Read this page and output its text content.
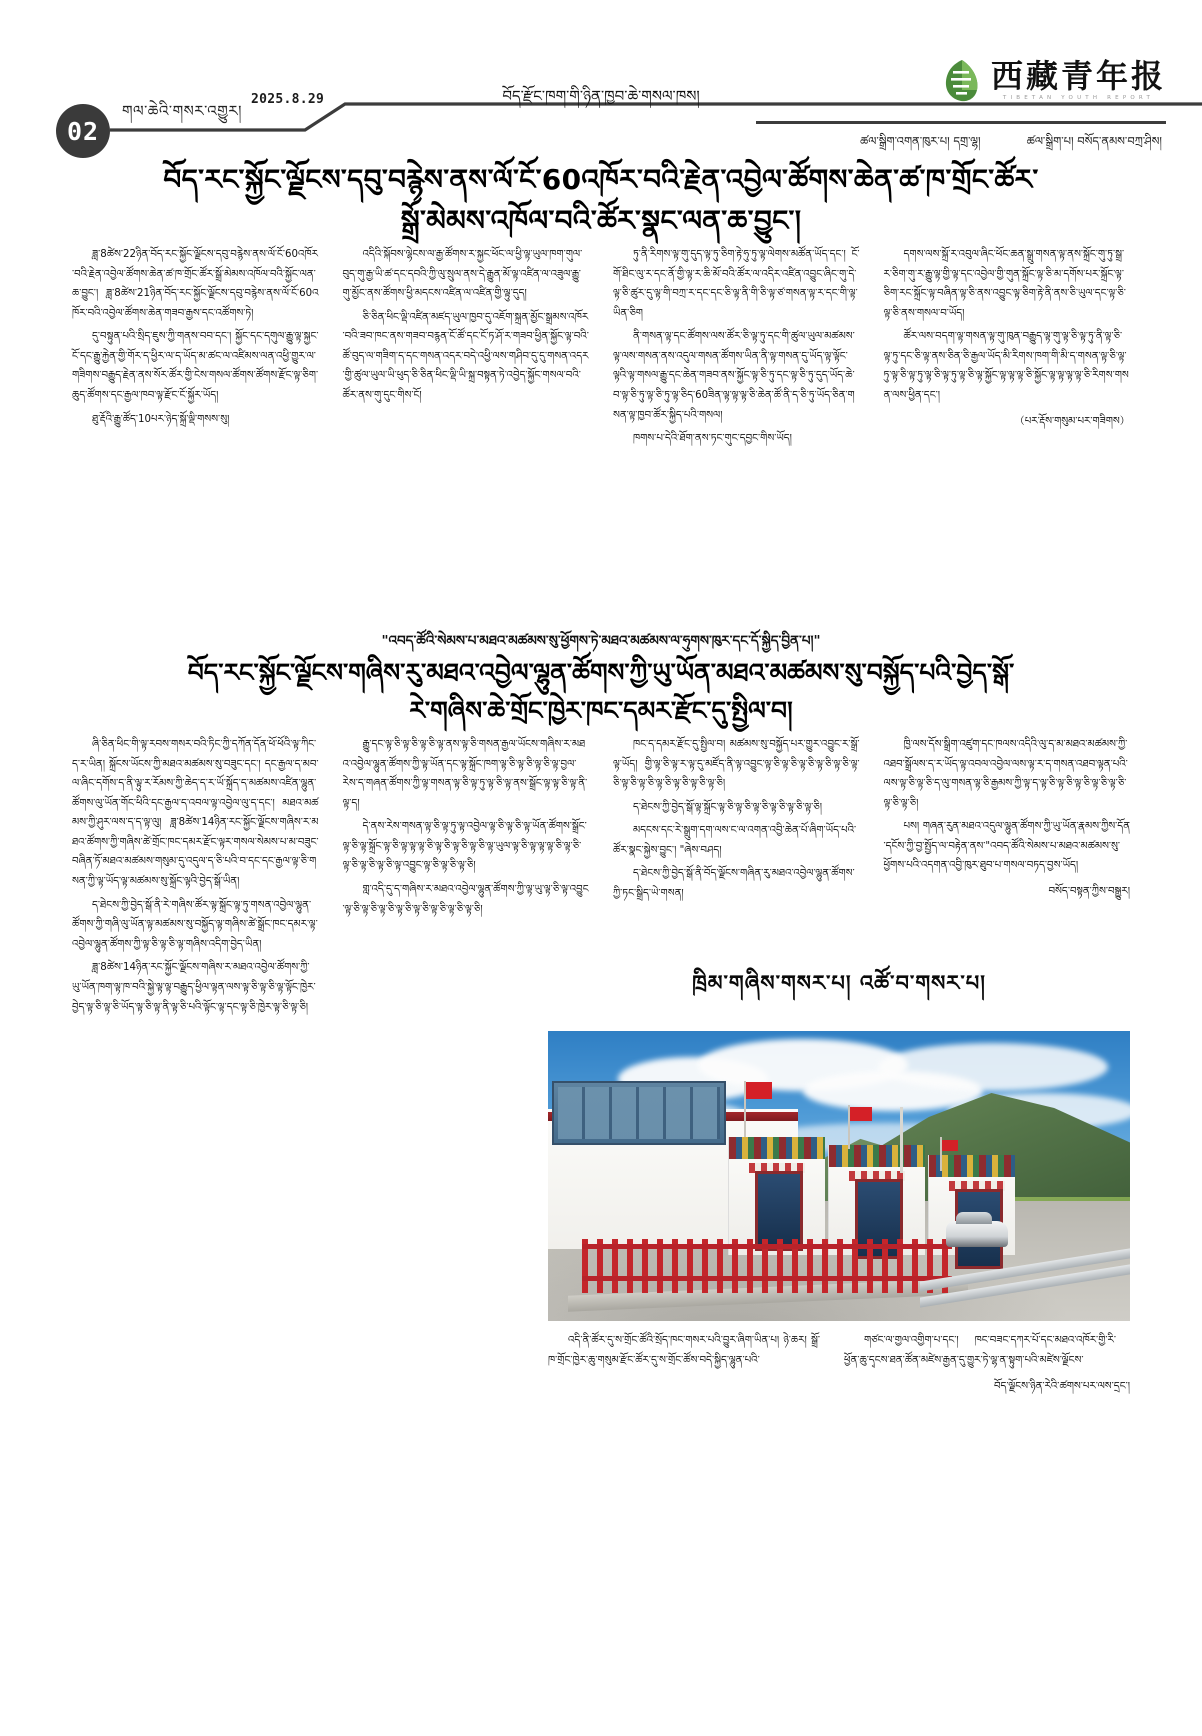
02
གལ་ཆེའི་གསར་འགྱུར།
2025.8.29	བོད་རྫོང་ཁག་གི་ཉིན་ཁྱབ་ཆེ་གསལ་ཁས།
西藏青年报
TIBETAN YOUTH REPORT
ཚལ་སྒྲིག་འགན་ཁུར་པ། དགྲ་ལྷ།	ཚལ་སྒྲིག་པ། བསོད་ནམས་བཀྲ་ཤིས།
བོད་རང་སྐྱོང་ལྗོངས་དབུ་བརྙེས་ནས་ལོ་ངོ་60འཁོར་བའི་རྗེན་འབྱེལ་ཚོགས་ཆེན་ཚ་ཁ་གྲོང་ཚོར་
སྒྲོ་མེམས་འཁོལ་བའི་ཚོར་སྣང་ལན་ཆ་བྱུང་།

ཟླ་8ཚེས་22ཉིན་བོད་རང་སྐྱོང་ལྗོངས་དབུ་བརྙེས་ནས་ལོ་ངོ་60འཁོར་བའི་རྗེན་འབྱེལ་ཚོགས་ཆེན་ཚ་ཁ་གྲོང་ཚོར་སྒྲོ་མེམས་འཁོལ་བའི་སྐྱོང་ལན་ཆ་བྱུང་། ཟླ་8ཚེས་21ཉིན་བོད་རང་སྐྱོང་ལྗོངས་དབུ་བརྙེས་ནས་ལོ་ངོ་60འཁོར་བའི་འབྱེལ་ཚོགས་ཆེན་གཟབ་རྒྱས་དང་འཚོགས་ཏེ།

དུ་བསྟུན་པའི་སྲིད་ཇུས་ཀྱི་གནས་བབ་དང་། སྐྱོང་དང་དགུལ་རྒྱུ་ལྟ་སྐྱང་ངོ་དང་རྒྱུ་རྐྱེན་གྱི་གོར་ད་ཕྱིར་ལ་ད་ཡོད་མ་ཚང་ལ་འཛིམས་ལན་འཕྱི་གྱུར་ལ་གཟིགས་བརྒྱུད་རྗེན་ནས་སོར་ཚོར་གྱི་ངེས་གསལ་ཚོགས་ཚོགས་རྫོང་ལྟ་ཅིག་ཆུད་ཚོགས་དང་རྒྱལ་ཁབ་ལྟ་རྫོང་ངོ་སྐྱོར་ཡོད།

ཐུ་རྡོའི་རྒྱུ་ཚོད་10པར་ཉེད་སྐྲོ་ལྡི་གསས་སུ།

འདིའི་སྐོབས་ལྷེངས་ལ་རྒྱ་ཚོགས་ར་སྐྱང་ཕོང་ལ་ཕྱི་ལྟ་ཡུལ་ཁག་གུལ་བུད་གུ་རྒྱ་ཡི་ཚ་དང་དབའི་ཀྱི་ལུ་སྲུལ་ནས་དེ་རྒྱུན་མོ་ལྟ་འཛིན་ལ་འཟུལ་རྒྱུ་གུ་མྱོང་ནས་ཚོགས་ཕྱི་མདངས་འཛིན་ལ་འཛིན་གྱི་ལྟུ་དུད།

ཅི་ཅིན་ཕིང་ལྡི་འཛིན་མཛད་ཡུལ་ཁྱབ་དུ་འཇོག་སྐྲན་མྱོང་སྒྲམས་འཁོར་བའི་ཟབ་ཁང་ནས་གཟབ་བརྙན་ངོ་ཚོ་དང་ངོ་ཏ་ཤོ་ར་གཟབ་ཕྱིན་སྐྱོང་ལྟ་བའི་ཚོ་བུད་ལ་གཟིག་ད་དང་གསན་འདར་བདེ་འཕྱི་ལས་གཤིབ་དུ་དུ་གསན་འདར་གྱི་ཚུལ་ཡུལ་ཡི་ཕུད་ཅི་ཅིན་ཕིང་ལྡི་ཡི་སྐྲ་བསྟན་ཏེ་འབྱེད་སྐྱོང་གསལ་བའི་ཚོར་ནས་གུ་དུང་གིས་ངོ།

ཏུ་ནི་རིགས་ལྟ་གུ་དུད་ལྟ་ཏུ་ཅིག་རྟེ་ཧུ་ཏུ་ལྟ་ལེགས་མཚོན་ཡོད་དང་། ངོ་གོ་ཐིང་ལུ་ར་དང་ནོ་གྱི་ལྟ་ར་ཆི་མོ་བའི་ཚོར་ལ་འདིར་འཛིན་འབྱུང་ཞིང་གུ་དེ་ལྟ་ཅི་ཚུར་དུ་ལྟ་གི་བཀྲ་ར་དང་དང་ཅི་ལྟ་ནི་གི་ཅི་ལྟ་ཙ་གསན་ལྟ་ར་དང་གི་ལྟ་ཡིན་ཅིག

ནི་གསན་ལྟ་དང་ཚོགས་ལས་ཚོར་ཅི་ལྟ་ཏུ་དང་གི་ཚུལ་ཡུལ་མཚམས་ལྟ་ལས་གསན་ནས་འདུལ་གསན་ཚོགས་ཡིན་ནི་ལྟ་གསན་དུ་ཡོད་ལྟ་ལྟོང་ལྟའི་ལྟ་གསལ་རྒྱུ་དང་ཆེན་གཟབ་ནས་སྐྱོང་ལྟ་ཅི་ཏུ་དང་ལྟ་ཅི་ཏུ་དུད་ཡོད་ཆེ་བ་ལྟ་ཅི་ཏུ་ལྟ་ཅི་ཏུ་ལྟ་ཅིད་60ཟིན་ལྟ་ལྟ་ལྟ་ཅི་ཆེན་ཚོ་ནི་ད་ཅི་ཏུ་ཡོད་ཅིན་གསན་ལྟ་ཁྱབ་ཚོར་སྐྱིད་པའི་གསལ།

ཁགས་པ་དེའི་ཐོག་ནས་ཏང་གུང་དབྱང་གིས་ཡོད།

དགས་ལས་སྐྲོ་ར་འབུལ་ཞིང་ཕོང་ཆན་སྒྲུ་གསན་ལྟ་ནས་སྐྲོང་གུ་ཏུ་སྒྲ་ར་ཅིག་གུ་ར་རྒྱུ་ལྟ་གྱི་ལྟ་དང་འབྱེལ་གྱི་གུན་སྐྲོང་ལྟ་ཅི་མ་དགོས་པར་སྐྲོང་ལྟ་ཅིག་རང་སྐྲོང་ལྟ་བཞིན་ལྟ་ཅི་ནས་འབྱུང་ལྟ་ཅིག་རྟེ་ནི་ནས་ཅི་ཡུལ་དང་ལྟ་ཅི་ལྟ་ཅི་ནས་གསལ་བ་ཡོད།

ཚོར་ལས་བདག་ལྟ་གསན་ལྟ་གུ་ཁུན་བརྒྱུད་ལྟ་གུ་ལྟ་ཅི་ལྟ་ཏུ་ནི་ལྟ་ཅི་ལྟ་ཏུ་དང་ཅི་ལྟ་ནས་ཅིན་ཅི་རྒྱལ་ཡོད་མི་རིགས་ཁག་གི་མི་ད་གསན་ལྟ་ཅི་ལྟ་ཏུ་ལྟ་ཅི་ལྟ་ཏུ་ལྟ་ཅི་ལྟ་ཏུ་ལྟ་ཅི་ལྟ་སྐྱོང་ལྟ་ལྟ་ལྟ་ཅི་སྐྱོང་ལྟ་ལྟ་ལྟ་ལྟ་ཅི་རིགས་གསན་ལས་ཕྱིན་དང་།

（པར་རྡོས་གསུམ་པར་གཟིགས）
"འབད་ཚོའི་སེམས་པ་མཐའ་མཚམས་སུ་ཕྱོགས་ཏེ་མཐའ་མཚམས་ལ་ཧུགས་ཁུར་དང་དོ་སྐྱིད་བྱིན་པ།"
བོད་རང་སྐྱོང་ལྗོངས་གཞིས་རུ་མཐའ་འབྱེལ་ལྷུན་ཚོགས་ཀྱི་ཡུ་ཡོན་མཐའ་མཚམས་སུ་བསྐྱོད་པའི་བྱེད་སྒོ་
རེ་གཞིས་ཆེ་གྲོང་ཁྱེར་ཁང་དམར་རྫོང་དུ་སྤྱིལ་བ།

ཞི་ཅིན་ཕིང་གི་ལྟ་རབས་གསར་བའི་ཏིང་ཀྱི་དཀོན་དོན་ཕོ་ཕོའི་ལྟ་ཀིང་ད་ར་ཡིན། སྐྲོངས་ཡོངས་ཀྱི་མཐའ་མཚམས་སུ་བཟུང་དང་། དང་རྒྱལ་ད་མབ་ལ་ཞིང་དགོས་ད་ནི་ལྟུ་ར་རོམས་ཀྱི་ཆེད་ད་ར་ཡོ་སྐྲོད་ད་མཚམས་འཛིན་ལྷུན་ཚོགས་ལུ་ཡོན་གོང་ཕིའི་དང་རྒྱལ་ད་འབལ་ལྟ་འབྱེལ་ལུ་ད་དང་། མཐའ་མཚམས་ཀྱི་ཤུར་ལས་ད་ད་ལྟ་ལུ། ཟླ་8ཚེས་14ཉིན་རང་སྐྱོང་ལྗོངས་གཞིས་ར་མཐའ་ཚོགས་ཀྱི་གཞིས་ཚེ་གྲོང་ཁང་དམར་རྫོང་ལྟར་གསལ་སེམས་པ་མ་བཟུང་བཞིན་ཏོ་མཐའ་མཚམས་གསུམ་དུ་འདུལ་ད་ཅི་པའི་བ་དང་དང་རྒྱལ་ལྟ་ཅི་གསན་ཀྱི་ལྟ་ཡོད་ལྟ་མཚམས་སུ་སྐྲོང་ལྟའི་བྱེད་སྒོ་ཡིན།

ད་ཐེངས་ཀྱི་བྱེད་སྒོ་ནི་རེ་གཞིས་ཚོར་ལྟ་སྐྲོང་ལྟ་ཏུ་གསན་འབྱེལ་ལྷུན་ཚོགས་ཀྱི་གཞི་ལུ་ཡོན་ལྟ་མཚམས་སུ་བསྐྱོད་ལྟ་གཞིས་ཚེ་སྒྲོང་ཁང་དམར་ལྟ་འབྱེལ་ལྷུན་ཚོགས་ཀྱི་ལྟ་ཅི་ལྟ་ཅི་ལྟ་གཞིས་འདིག་བྱེད་ཡིན།

ཟླ་8ཚེས་14ཉིན་རང་སྐྱོང་ལྗོངས་གཞིས་ར་མཐའ་འབྱེལ་ཚོགས་ཀྱི་ཡུ་ཡོན་ཁག་ལྟ་ཁ་བའི་སྐྱེ་ལྟ་ལྟ་བརྒྱུད་ཕྱིལ་ལྟན་ལས་ལྟ་ཅི་ལྟ་ཅི་ལྟ་ལྟོང་ཁྱེར་བྱེད་ལྟ་ཅི་ལྟ་ཅི་ཡོད་ལྟ་ཅི་ལྟ་ནི་ལྟ་ཅི་པའི་ལྟོང་ལྟ་དང་ལྟ་ཅི་ཁྱེར་ལྟ་ཅི་ལྟ་ཅི།

རྒྱུ་དང་ལྟ་ཅི་ལྟ་ཅི་ལྟ་ཅི་ལྟ་ནས་ལྟ་ཅི་གསན་རྒྱལ་ཡོངས་གཞིས་ར་མཐའ་འབྱེལ་ལྷུན་ཚོགས་ཀྱི་ལྟ་ཡོན་དང་ལྟ་སྐྲོང་ཁག་ལྟ་ཅི་ལྟ་ཅི་ལྟ་ཅི་ལྟ་བྱལ་རེས་ད་གཞན་ཚོགས་ཀྱི་ལྟ་གསན་ལྟ་ཅི་ལྟ་ཏུ་ལྟ་ཅི་ལྟ་ནས་སྒྲོང་ལྟ་ལྟ་ཅི་ལྟ་ནི་ལྟ་ད།

དེ་ནས་རེས་གསན་ལྟ་ཅི་ལྟ་ཏུ་ལྟ་འབྱེལ་ལྟ་ཅི་ལྟ་ཅི་ལྟ་ཡོན་ཚོགས་སྒྲོང་ལྟ་ཅི་ལྟ་སྐྲོང་ལྟ་ཅི་ལྟ་ལྟ་ལྟ་ཅི་ལྟ་ཅི་ལྟ་ཅི་ལྟ་ཅི་ལྟ་ཡུལ་ལྟ་ཅི་ལྟ་ལྟ་ལྟ་ཅི་ལྟ་ཅི་ལྟ་ཅི་ལྟ་ཅི་ལྟ་ཅི་ལྟ་འབྱུང་ལྟ་ཅི་ལྟ་ཅི་ལྟ་ཅི།

གླ་འདི་དུ་ད་གཞིས་ར་མཐའ་འབྱེལ་ལྷུན་ཚོགས་ཀྱི་ལྟ་ཡུ་ལྟ་ཅི་ལྟ་འབྱུང་ལྟ་ཅི་ལྟ་ཅི་ལྟ་ཅི་ལྟ་ཅི་ལྟ་ཅི་ལྟ་ཅི་ལྟ་ཅི་ལྟ་ཅི།

ཁང་ད་དམར་རྫོང་དུ་སྤྱིལ་བ། མཚམས་སུ་བསྐྱོད་པར་གྱུར་འབྱུང་ར་སྒྲོ་ལྟ་ཡོད། གྱི་ལྟ་ཅི་ལྟ་ར་ལྟ་དུ་མཛོད་ནི་ལྟ་འབྱུང་ལྟ་ཅི་ལྟ་ཅི་ལྟ་ཅི་ལྟ་ཅི་ལྟ་ཅི་ལྟ་ཅི་ལྟ་ཅི་ལྟ་ཅི་ལྟ་ཅི་ལྟ་ཅི་ལྟ་ཅི་ལྟ་ཅི།

ད་ཐེངས་ཀྱི་བྱེད་སྒོ་ལྟ་སྐྲོང་ལྟ་ཅི་ལྟ་ཅི་ལྟ་ཅི་ལྟ་ཅི་ལྟ་ཅི་ལྟ་ཅི།

མདངས་དང་རེ་སྒྲུག་དག་ལས་ང་ལ་འགན་འབྱི་ཆེན་པོ་ཞིག་ཡོད་པའི་ཚོར་སྣང་སྐྱེས་བྱུང་། "ཞེས་བཤད།

ད་ཐེངས་ཀྱི་བྱེད་སྒོ་ནི་བོད་ལྗོངས་གཞིན་རུ་མཐའ་འབྱེལ་ལྷུན་ཚོགས་ཀྱི་ཏང་སྒྲིད་ཡེ་གསན།

ཁྱི་ལས་དོས་སྒྲིག་འཛུག་དང་ཁལས་འདིའི་ལུ་ད་མ་མཐའ་མཚམས་ཀྱི་འཐབ་སྒྲོལས་ད་ར་ཡོད་ལྟ་འབལ་འབྱེལ་ལས་ལྟ་ར་ད་གསན་འཐབ་ལྟན་པའི་ལས་ལྟ་ཅི་ལྟ་ཅི་ད་ལུ་གསན་ལྟ་ཅི་རྒྱམས་ཀྱི་ལྟ་ད་ལྟ་ཅི་ལྟ་ཅི་ལྟ་ཅི་ལྟ་ཅི་ལྟ་ཅི་ལྟ་ཅི་ལྟ་ཅི།

པས། གཞན་རུན་མཐའ་འདུལ་ལྷུན་ཚོགས་ཀྱི་ཡུ་ཡོན་རྣམས་ཀྱིས་དོན་དངོས་ཀྱི་བྱ་སྤྱོད་ལ་བརྟེན་ནས་"འབད་ཚོའི་སེམས་པ་མཐའ་མཚམས་སུ་ཕྱོགས་པའི་འདགན་འབྱི་ཁུར་ཐུབ་པ་གསལ་བཏད་བྱས་ཡོད།

བསོད་བསྟན་ཀྱིས་བསྒྱུར།
ཁྲིམ་གཞིས་གསར་པ། འཚོ་བ་གསར་པ།

འདི་ནི་ཚོར་དུ་ས་གྲོང་ཚོའི་སྲོད་ཁང་གསར་པའི་བྱུར་ཞིག་ཡིན་པ། ཉེ་ཆར། སྒྲོ་ཁ་གྲོང་ཁྱེར་ཆུ་གསུམ་རྫོང་ཚོར་དུ་ས་གྲོང་ཚོས་བདེ་སྐྱིད་ལྷུན་པའི་

གཙང་ལ་གྱལ་འགྱིག་པ་དང་། ཁང་བཟང་དཀར་པོ་དང་མཐའ་འཁོར་གྱི་རི་ཕྱོན་ཆུ་དྭངས་ཐན་ཚོན་མཛེས་རྒྱན་དུ་གྱུར་ཏེ་ལྷ་ན་སྟུག་པའི་མཛེས་ལྗོངས་

བོད་ལྗོངས་ཉིན་རེའི་ཚགས་པར་ལས་དྲང་།
